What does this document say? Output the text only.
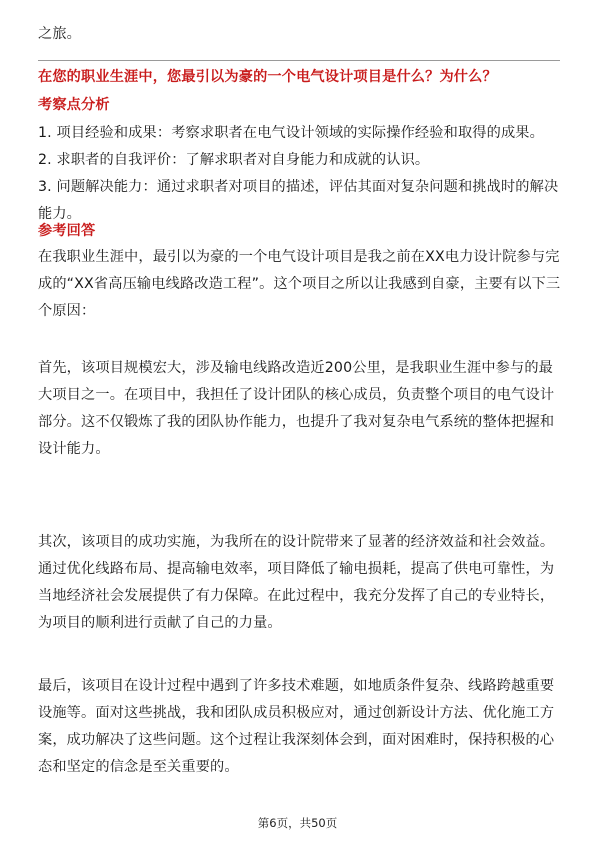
之旅。
在您的职业生涯中，您最引以为豪的一个电气设计项目是什么？为什么？
考察点分析
1. 项目经验和成果：考察求职者在电气设计领域的实际操作经验和取得的成果。
2. 求职者的自我评价：了解求职者对自身能力和成就的认识。
3. 问题解决能力：通过求职者对项目的描述，评估其面对复杂问题和挑战时的解决
能力。
参考回答
在我职业生涯中，最引以为豪的一个电气设计项目是我之前在XX电力设计院参与完
成的“XX省高压输电线路改造工程”。这个项目之所以让我感到自豪，主要有以下三
个原因：
首先，该项目规模宏大，涉及输电线路改造近200公里，是我职业生涯中参与的最
大项目之一。在项目中，我担任了设计团队的核心成员，负责整个项目的电气设计
部分。这不仅锻炼了我的团队协作能力，也提升了我对复杂电气系统的整体把握和
设计能力。
其次，该项目的成功实施，为我所在的设计院带来了显著的经济效益和社会效益。
通过优化线路布局、提高输电效率，项目降低了输电损耗，提高了供电可靠性，为
当地经济社会发展提供了有力保障。在此过程中，我充分发挥了自己的专业特长，
为项目的顺利进行贡献了自己的力量。
最后，该项目在设计过程中遇到了许多技术难题，如地质条件复杂、线路跨越重要
设施等。面对这些挑战，我和团队成员积极应对，通过创新设计方法、优化施工方
案，成功解决了这些问题。这个过程让我深刻体会到，面对困难时，保持积极的心
态和坚定的信念是至关重要的。
第6页，共50页
